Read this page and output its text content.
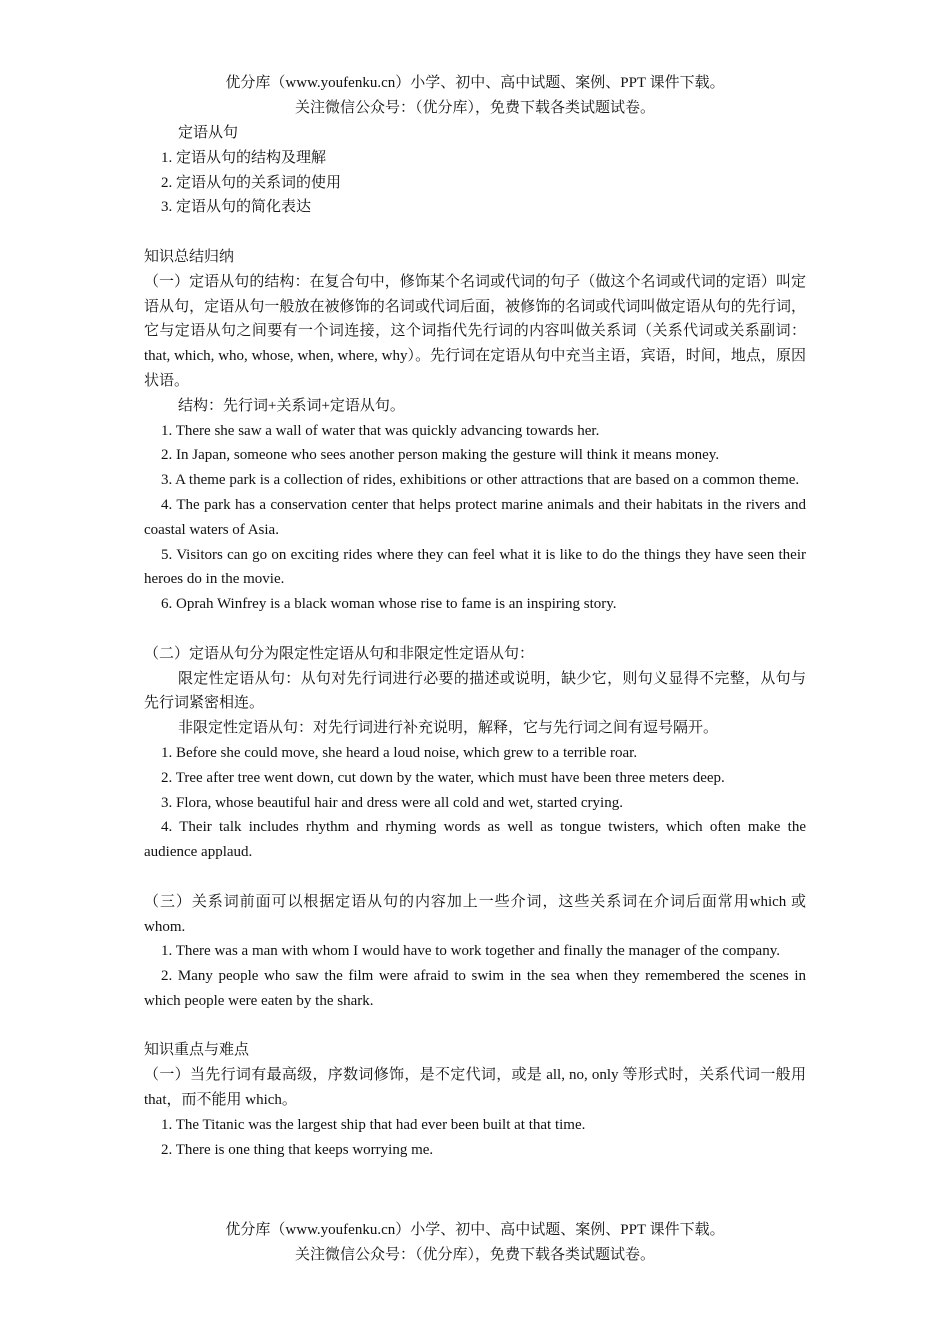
优分库（www.youfenku.cn）小学、初中、高中试题、案例、PPT 课件下载。
关注微信公众号：（优分库），免费下载各类试题试卷。

定语从句

1. 定语从句的结构及理解

2. 定语从句的关系词的使用

3. 定语从句的简化表达

知识总结归纳

（一）定语从句的结构：在复合句中，修饰某个名词或代词的句子（做这个名词或代词的定语）叫定语从句，定语从句一般放在被修饰的名词或代词后面，被修饰的名词或代词叫做定语从句的先行词，它与定语从句之间要有一个词连接，这个词指代先行词的内容叫做关系词（关系代词或关系副词：that, which, who, whose, when, where, why）。先行词在定语从句中充当主语，宾语，时间，地点，原因状语。

结构：先行词+关系词+定语从句。

1. There she saw a wall of water that was quickly advancing towards her.

2. In Japan, someone who sees another person making the gesture will think it means money.

3. A theme park is a collection of rides, exhibitions or other attractions that are based on a common theme.

4. The park has a conservation center that helps protect marine animals and their habitats in the rivers and coastal waters of Asia.

5. Visitors can go on exciting rides where they can feel what it is like to do the things they have seen their heroes do in the movie.

6. Oprah Winfrey is a black woman whose rise to fame is an inspiring story.

（二）定语从句分为限定性定语从句和非限定性定语从句：

限定性定语从句：从句对先行词进行必要的描述或说明，缺少它，则句义显得不完整，从句与先行词紧密相连。

非限定性定语从句：对先行词进行补充说明，解释，它与先行词之间有逗号隔开。

1. Before she could move, she heard a loud noise, which grew to a terrible roar.

2. Tree after tree went down, cut down by the water, which must have been three meters deep.

3. Flora, whose beautiful hair and dress were all cold and wet, started crying.

4. Their talk includes rhythm and rhyming words as well as tongue twisters, which often make the audience applaud.

（三）关系词前面可以根据定语从句的内容加上一些介词，这些关系词在介词后面常用which 或 whom.

1. There was a man with whom I would have to work together and finally the manager of the company.

2. Many people who saw the film were afraid to swim in the sea when they remembered the scenes in which people were eaten by the shark.

知识重点与难点

（一）当先行词有最高级，序数词修饰，是不定代词，或是 all, no, only 等形式时，关系代词一般用 that，而不能用 which。

1. The Titanic was the largest ship that had ever been built at that time.

2. There is one thing that keeps worrying me.

优分库（www.youfenku.cn）小学、初中、高中试题、案例、PPT 课件下载。
关注微信公众号：（优分库），免费下载各类试题试卷。
